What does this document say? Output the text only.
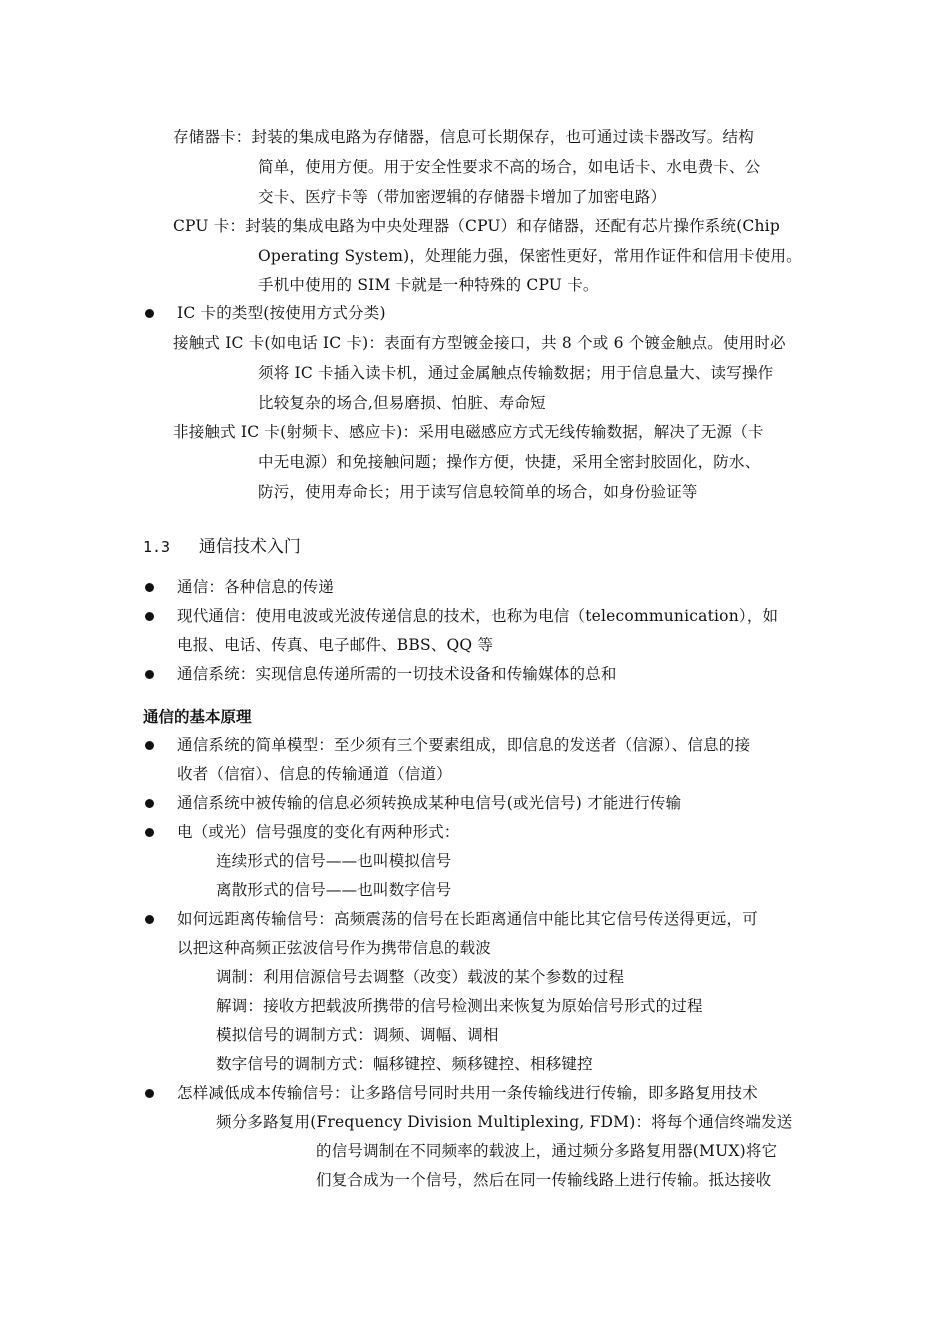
存储器卡：封装的集成电路为存储器，信息可长期保存，也可通过读卡器改写。结构
简单，使用方便。用于安全性要求不高的场合，如电话卡、水电费卡、公
交卡、医疗卡等（带加密逻辑的存储器卡增加了加密电路）
CPU 卡：封装的集成电路为中央处理器（CPU）和存储器，还配有芯片操作系统(Chip
Operating System)，处理能力强，保密性更好，常用作证件和信用卡使用。
手机中使用的 SIM 卡就是一种特殊的 CPU 卡。
IC 卡的类型(按使用方式分类)
接触式 IC 卡(如电话 IC 卡)：表面有方型镀金接口，共 8 个或 6 个镀金触点。使用时必
须将 IC 卡插入读卡机，通过金属触点传输数据；用于信息量大、读写操作
比较复杂的场合,但易磨损、怕脏、寿命短
非接触式 IC 卡(射频卡、感应卡)：采用电磁感应方式无线传输数据，解决了无源（卡
中无电源）和免接触问题；操作方便，快捷，采用全密封胶固化，防水、
防污，使用寿命长；用于读写信息较简单的场合，如身份验证等
1.3 通信技术入门
通信：各种信息的传递
现代通信：使用电波或光波传递信息的技术，也称为电信（telecommunication），如
电报、电话、传真、电子邮件、BBS、QQ 等
通信系统：实现信息传递所需的一切技术设备和传输媒体的总和
通信的基本原理
通信系统的简单模型：至少须有三个要素组成，即信息的发送者（信源）、信息的接
收者（信宿）、信息的传输通道（信道）
通信系统中被传输的信息必须转换成某种电信号(或光信号) 才能进行传输
电（或光）信号强度的变化有两种形式：
连续形式的信号——也叫模拟信号
离散形式的信号——也叫数字信号
如何远距离传输信号：高频震荡的信号在长距离通信中能比其它信号传送得更远，可
以把这种高频正弦波信号作为携带信息的载波
调制：利用信源信号去调整（改变）载波的某个参数的过程
解调：接收方把载波所携带的信号检测出来恢复为原始信号形式的过程
模拟信号的调制方式：调频、调幅、调相
数字信号的调制方式：幅移键控、频移键控、相移键控
怎样减低成本传输信号：让多路信号同时共用一条传输线进行传输，即多路复用技术
频分多路复用(Frequency Division Multiplexing, FDM)：将每个通信终端发送
的信号调制在不同频率的载波上，通过频分多路复用器(MUX)将它
们复合成为一个信号，然后在同一传输线路上进行传输。抵达接收
